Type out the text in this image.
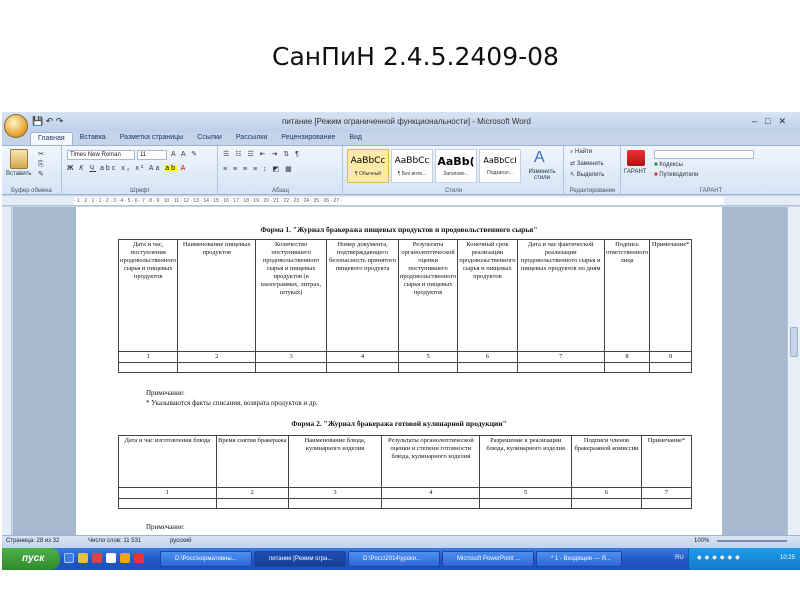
СанПиН 2.4.5.2409-08
💾 ↶ ↷	питание [Режим ограниченной функциональности] - Microsoft Word	–□✕
Главная	Вставка	Разметка страницы	Ссылки	Рассылки	Рецензирование	Вид
Вставить
✂
⎘
✎
Буфер обмена
Times New Roman	11	A A ✎
Ж К Ч abc x₂ x² Aa ab A
Шрифт
☰ ☷ ☲ ⇤ ⇥ ⇅ ¶
≡ ≡ ≡ ≡ ↕ ◩ ▦
Абзац
AaBbCc
¶ Обычный
AaBbCc
¶ Без инте...
AaBb(
Заголово...
AaBbCcI
Подзагол...
A
Изменить стили
Стили
⌕ Найти
⇄ Заменить
↖ Выделить
Редактирование
ГАРАНТ
■ Кодексы
■ Путеводители
ГАРАНТ
· 1 · 2 · 1 · 1 · 2 · 3 · 4 · 5 · 6 · 7 · 8 · 9 · 10 · 11 · 12 · 13 · 14 · 15 · 16 · 17 · 18 · 19 · 20 · 21 · 22 · 23 · 24 · 25 · 26 · 27 ·
Форма 1. "Журнал бракеража пищевых продуктов и продовольственного сырья"
Дата и час, поступления продовольственного сырья и пищевых продуктов	Наименование пищевых продуктов	Количество поступившего продовольственного сырья и пищевых продуктов (в килограммах, литрах, штуках)	Номер документа, подтверждающего безопасность принятого пищевого продукта	Результаты органолептической оценки поступившего продовольственного сырья и пищевых продуктов	Конечный срок реализации продовольственного сырья и пищевых продуктов	Дата и час фактической реализации продовольственного сырья и пищевых продуктов по дням	Подпись ответственного лица	Примечание*
1	2	3	4	5	6	7	8	9

Примечание:
* Указываются факты списания, возврата продуктов и др.
Форма 2. "Журнал бракеража готовой кулинарной продукции"
Дата и час изготовления блюда	Время снятия бракеража	Наименование блюда, кулинарного изделия	Результаты органолептической оценки и степени готовности блюда, кулинарного изделия	Разрешение к реализации блюда, кулинарного изделия	Подписи членов бракеражной комиссии	Примечание*
1	2	3	4	5	6	7

Примечание:
Страница: 28 из 32	Число слов: 11 531	русский	100%
пуск	D:\Росс\нормативны...	питание [Режим огра...	D:\Росс\2014\уроки...	Microsoft PowerPoint ...	* 1 - Входящие — Я...	RU ◆◆◆◆◆◆	10:25
